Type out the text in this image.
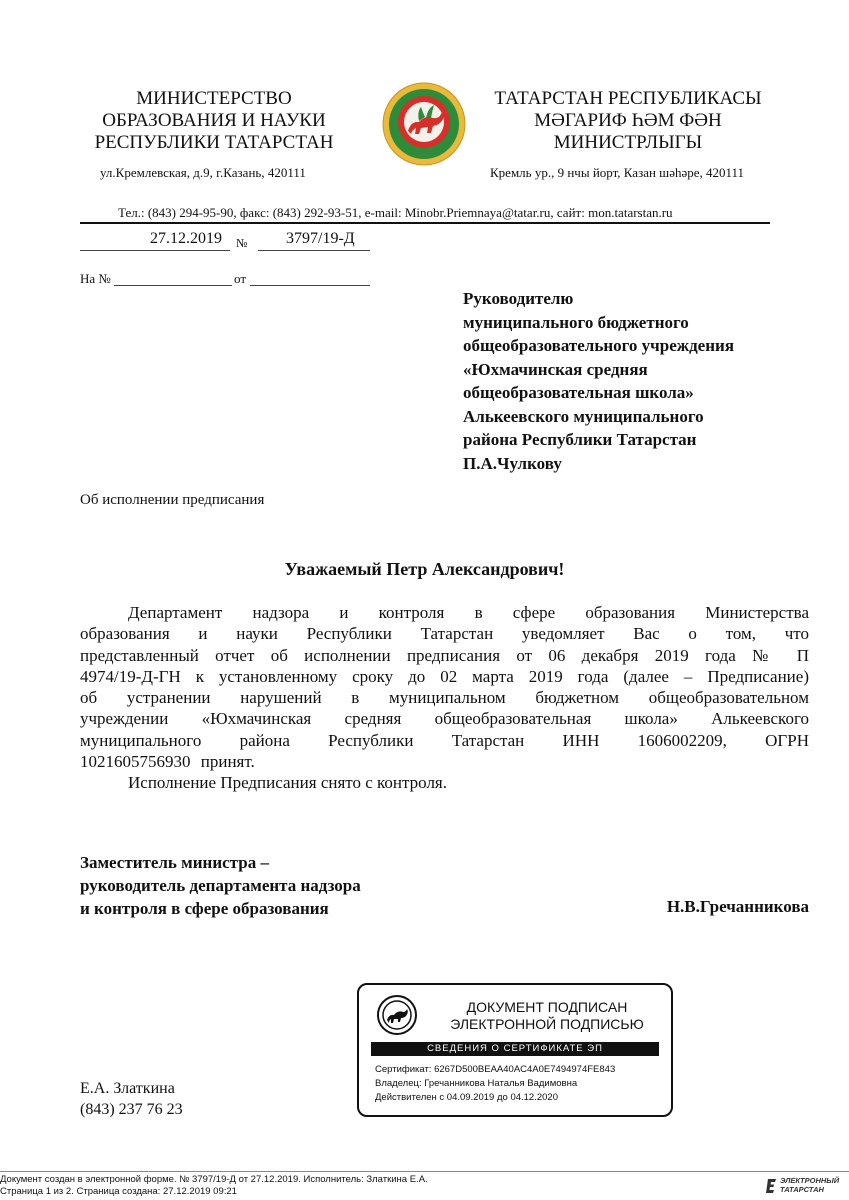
МИНИСТЕРСТВО
ОБРАЗОВАНИЯ И НАУКИ
РЕСПУБЛИКИ ТАТАРСТАН
ТАТАРСТАН РЕСПУБЛИКАСЫ
МӘГАРИФ ҺӘМ ФӘН
МИНИСТРЛЫГЫ
ул.Кремлевская, д.9, г.Казань, 420111	Кремль ур., 9 нчы йорт, Казан шәһәре, 420111
Тел.: (843) 294-95-90, факс: (843) 292-93-51, e-mail: Minobr.Priemnaya@tatar.ru, сайт: mon.tatarstan.ru
27.12.2019 № 3797/19-Д
На №	от
Руководителю
муниципального бюджетного
общеобразовательного учреждения
«Юхмачинская средняя
общеобразовательная школа»
Алькеевского муниципального
района Республики Татарстан
П.А.Чулкову
Об исполнении предписания
Уважаемый Петр Александрович!
Департамент надзора и контроля в сфере образования Министерства
образования и науки Республики Татарстан уведомляет Вас о том, что
представленный отчет об исполнении предписания от 06 декабря 2019 года № П
4974/19-Д-ГН к установленному сроку до 02 марта 2019 года (далее – Предписание)
об устранении нарушений в муниципальном бюджетном общеобразовательном
учреждении «Юхмачинская средняя общеобразовательная школа» Алькеевского
муниципального района Республики Татарстан ИНН 1606002209, ОГРН
1021605756930 принят.
Исполнение Предписания снято с контроля.
Заместитель министра –
руководитель департамента надзора
и контроля в сфере образования	Н.В.Гречанникова
ДОКУМЕНТ ПОДПИСАН
ЭЛЕКТРОННОЙ ПОДПИСЬЮ
СВЕДЕНИЯ О СЕРТИФИКАТЕ ЭП
Сертификат: 6267D500BEAA40AC4A0E7494974FE843
Владелец: Гречанникова Наталья Вадимовна
Действителен с 04.09.2019 до 04.12.2020
Е.А. Златкина
(843) 237 76 23
Документ создан в электронной форме. № 3797/19-Д от 27.12.2019. Исполнитель: Златкина Е.А.
Страница 1 из 2. Страница создана: 27.12.2019 09:21
ЭЛЕКТРОННЫЙ
ТАТАРСТАН
